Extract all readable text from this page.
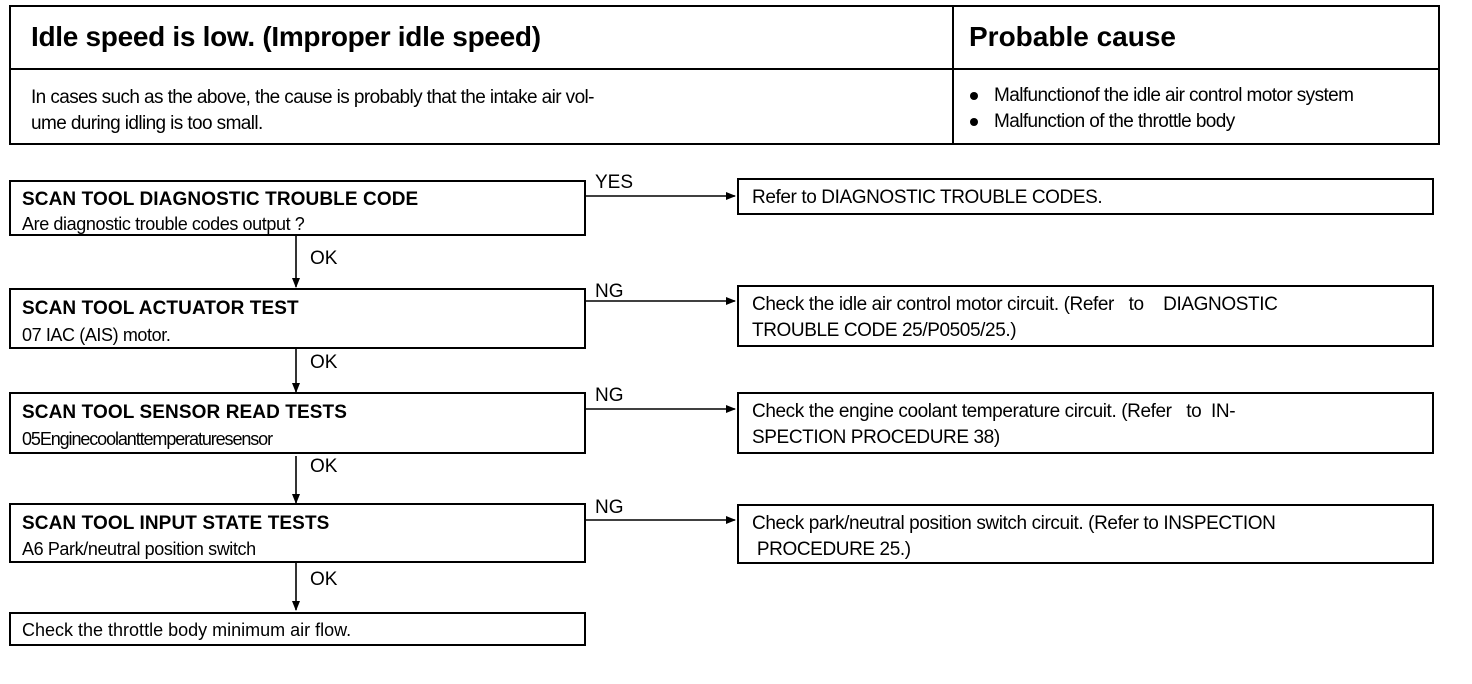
Idle speed is low. (Improper idle speed)	Probable cause
In cases such as the above, the cause is probably that the intake air vol-
ume during idling is too small.
Malfunctionof the idle air control motor system
Malfunction of the throttle body
SCAN TOOL DIAGNOSTIC TROUBLE CODE
Are diagnostic trouble codes output ?
YES
Refer to DIAGNOSTIC TROUBLE CODES.
OK
SCAN TOOL ACTUATOR TEST
07 IAC (AIS) motor.
NG
Check the idle air control motor circuit. (Refer   to    DIAGNOSTIC
TROUBLE CODE 25/P0505/25.)
OK
SCAN TOOL SENSOR READ TESTS
05Enginecoolanttemperaturesensor
NG
Check the engine coolant temperature circuit. (Refer   to  IN-
SPECTION PROCEDURE 38)
OK
SCAN TOOL INPUT STATE TESTS
A6 Park/neutral position switch
NG
Check park/neutral position switch circuit. (Refer to INSPECTION
PROCEDURE 25.)
OK
Check the throttle body minimum air flow.
